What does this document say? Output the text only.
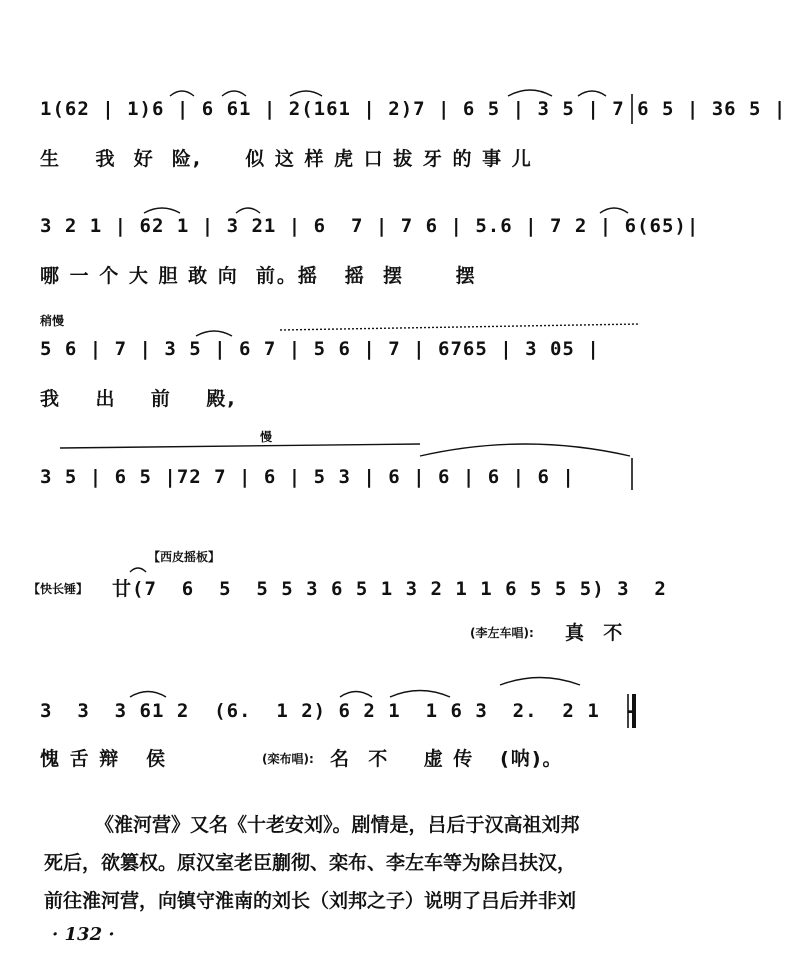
1(62 | 1)6 | 6 61 | 2(161 | 2)7 | 6 5 | 3 5 | 7 6 5 | 36 5 |
生    我  好  险,     似 这 样 虎 口 拔 牙 的 事 儿
3 2 1 | 62 1 | 3 21 | 6  7 | 7 6 | 5.6 | 7 2 | 6(65)|
哪 一 个 大 胆 敢 向  前。摇   摇  摆      摆
稍慢
5 6 | 7 | 3 5 | 6 7 | 5 6 | 7 | 6765 | 3 05 |
我    出    前    殿,
慢
3 5 | 6 5 |72 7 | 6 | 5 3 | 6 | 6 | 6 | 6 |
【西皮摇板】
【快长锤】	廿(7  6  5  5 5 3 6 5 1 3 2 1 1 6 5 5 5) 3  2
(李左车唱):	真  不
3  3  3 61 2  (6.  1 2) 6 2 1  1 6 3  2.  2 1  -
愧 舌 辩   侯	(栾布唱): 名  不    虚 传   (呐)。

《淮河营》又名《十老安刘》。剧情是，吕后于汉高祖刘邦

死后，欲篡权。原汉室老臣蒯彻、栾布、李左车等为除吕扶汉，

前往淮河营，向镇守淮南的刘长（刘邦之子）说明了吕后并非刘

· 132 ·
